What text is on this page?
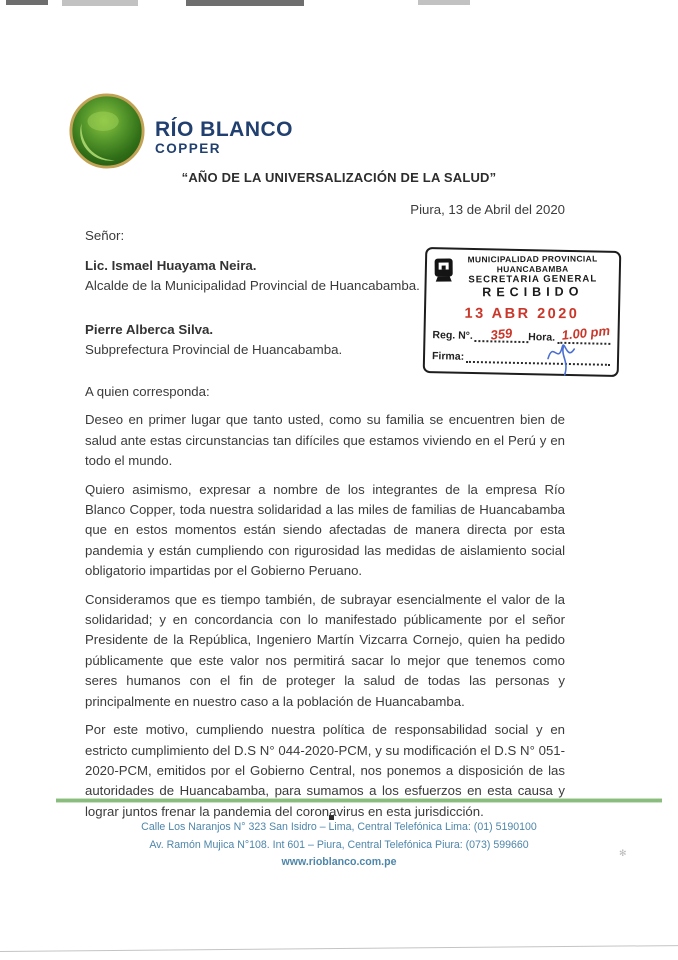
✻
RÍO BLANCO
COPPER
“AÑO DE LA UNIVERSALIZACIÓN DE LA SALUD”
Piura, 13 de Abril del 2020
Señor:
Lic. Ismael Huayama Neira.
Alcalde de la Municipalidad Provincial de Huancabamba.
Pierre Alberca Silva.
Subprefectura Provincial de Huancabamba.
MUNICIPALIDAD PROVINCIAL
HUANCABAMBA
SECRETARIA GENERAL
RECIBIDO
13 ABR 2020
Reg. N°. 359 Hora. 1.00 pm
Firma:
A quien corresponda:

Deseo en primer lugar que tanto usted, como su familia se encuentren bien de salud ante estas circunstancias tan difíciles que estamos viviendo en el Perú y en todo el mundo.

Quiero asimismo, expresar a nombre de los integrantes de la empresa Río Blanco Copper, toda nuestra solidaridad a las miles de familias de Huancabamba que en estos momentos están siendo afectadas de manera directa por esta pandemia y están cumpliendo con rigurosidad las medidas de aislamiento social obligatorio impartidas por el Gobierno Peruano.

Consideramos que es tiempo también, de subrayar esencialmente el valor de la solidaridad; y en concordancia con lo manifestado públicamente por el señor Presidente de la República, Ingeniero Martín Vizcarra Cornejo, quien ha pedido públicamente que este valor nos permitirá sacar lo mejor que tenemos como seres humanos con el fin de proteger la salud de todas las personas y principalmente en nuestro caso a la población de Huancabamba.

Por este motivo, cumpliendo nuestra política de responsabilidad social y en estricto cumplimiento del D.S N° 044-2020-PCM, y su modificación el D.S N° 051-2020-PCM, emitidos por el Gobierno Central, nos ponemos a disposición de las autoridades de Huancabamba, para sumamos a los esfuerzos en esta causa y lograr juntos frenar la pandemia del coronavirus en esta jurisdicción.

Calle Los Naranjos N° 323 San Isidro – Lima, Central Telefónica Lima: (01) 5190100
Av. Ramón Mujica N°108. Int 601 – Piura, Central Telefónica Piura: (073) 599660
www.rioblanco.com.pe
